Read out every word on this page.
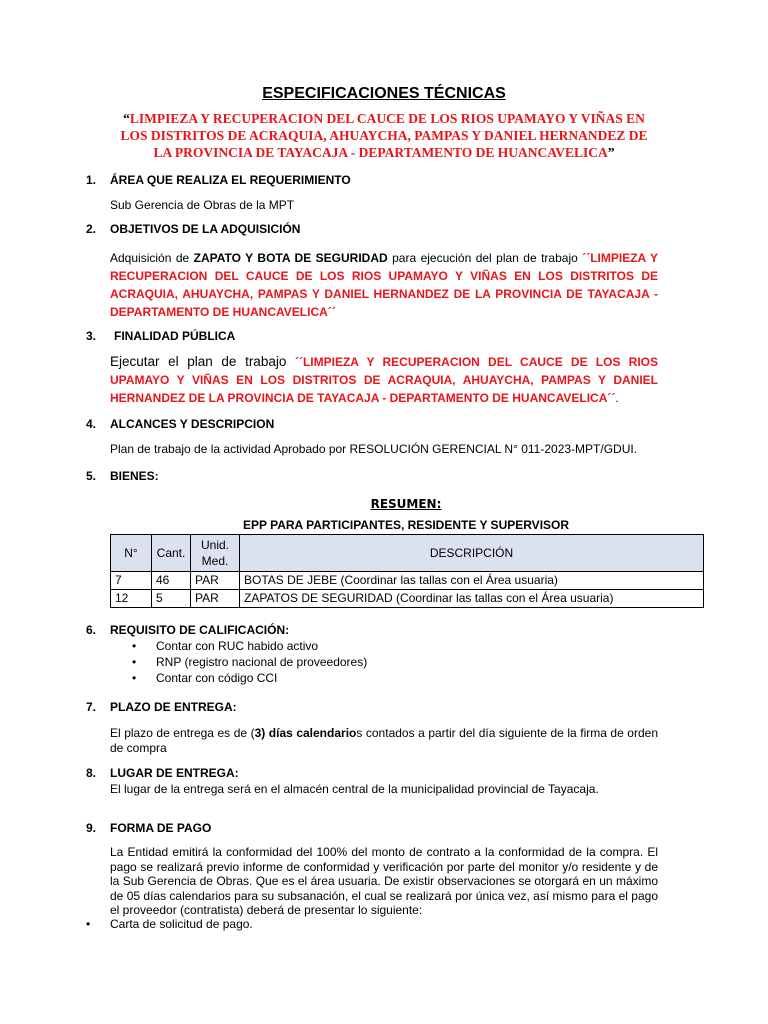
ESPECIFICACIONES TÉCNICAS
“LIMPIEZA Y RECUPERACION DEL CAUCE DE LOS RIOS UPAMAYO Y VIÑAS EN LOS DISTRITOS DE ACRAQUIA, AHUAYCHA, PAMPAS Y DANIEL HERNANDEZ DE LA PROVINCIA DE TAYACAJA - DEPARTAMENTO DE HUANCAVELICA”
1. ÁREA QUE REALIZA EL REQUERIMIENTO
Sub Gerencia de Obras de la MPT
2. OBJETIVOS DE LA ADQUISICIÓN
Adquisición de ZAPATO Y BOTA DE SEGURIDAD para ejecución del plan de trabajo ´´LIMPIEZA Y RECUPERACION DEL CAUCE DE LOS RIOS UPAMAYO Y VIÑAS EN LOS DISTRITOS DE ACRAQUIA, AHUAYCHA, PAMPAS Y DANIEL HERNANDEZ DE LA PROVINCIA DE TAYACAJA - DEPARTAMENTO DE HUANCAVELICA´´
3. FINALIDAD PÚBLICA
Ejecutar el plan de trabajo ´´LIMPIEZA Y RECUPERACION DEL CAUCE DE LOS RIOS UPAMAYO Y VIÑAS EN LOS DISTRITOS DE ACRAQUIA, AHUAYCHA, PAMPAS Y DANIEL HERNANDEZ DE LA PROVINCIA DE TAYACAJA - DEPARTAMENTO DE HUANCAVELICA´´.
4. ALCANCES Y DESCRIPCION
Plan de trabajo de la actividad Aprobado por RESOLUCIÓN GERENCIAL N° 011-2023-MPT/GDUI.
5. BIENES:
RESUMEN:
EPP PARA PARTICIPANTES, RESIDENTE Y SUPERVISOR
N°	Cant.	Unid. Med.	DESCRIPCIÓN
7	46	PAR	BOTAS DE JEBE (Coordinar las tallas con el Área usuaria)
12	5	PAR	ZAPATOS DE SEGURIDAD (Coordinar las tallas con el Área usuaria)
6. REQUISITO DE CALIFICACIÓN:
• Contar con RUC habido activo
• RNP (registro nacional de proveedores)
• Contar con código CCI
7. PLAZO DE ENTREGA:
El plazo de entrega es de (3) días calendarios contados a partir del día siguiente de la firma de orden de compra
8. LUGAR DE ENTREGA:
El lugar de la entrega será en el almacén central de la municipalidad provincial de Tayacaja.
9. FORMA DE PAGO
La Entidad emitirá la conformidad del 100% del monto de contrato a la conformidad de la compra. El pago se realizará previo informe de conformidad y verificación por parte del monitor y/o residente y de la Sub Gerencia de Obras. Que es el área usuaria. De existir observaciones se otorgará en un máximo de 05 días calendarios para su subsanación, el cual se realizará por única vez, así mismo para el pago el proveedor (contratista) deberá de presentar lo siguiente:
• Carta de solicitud de pago.
